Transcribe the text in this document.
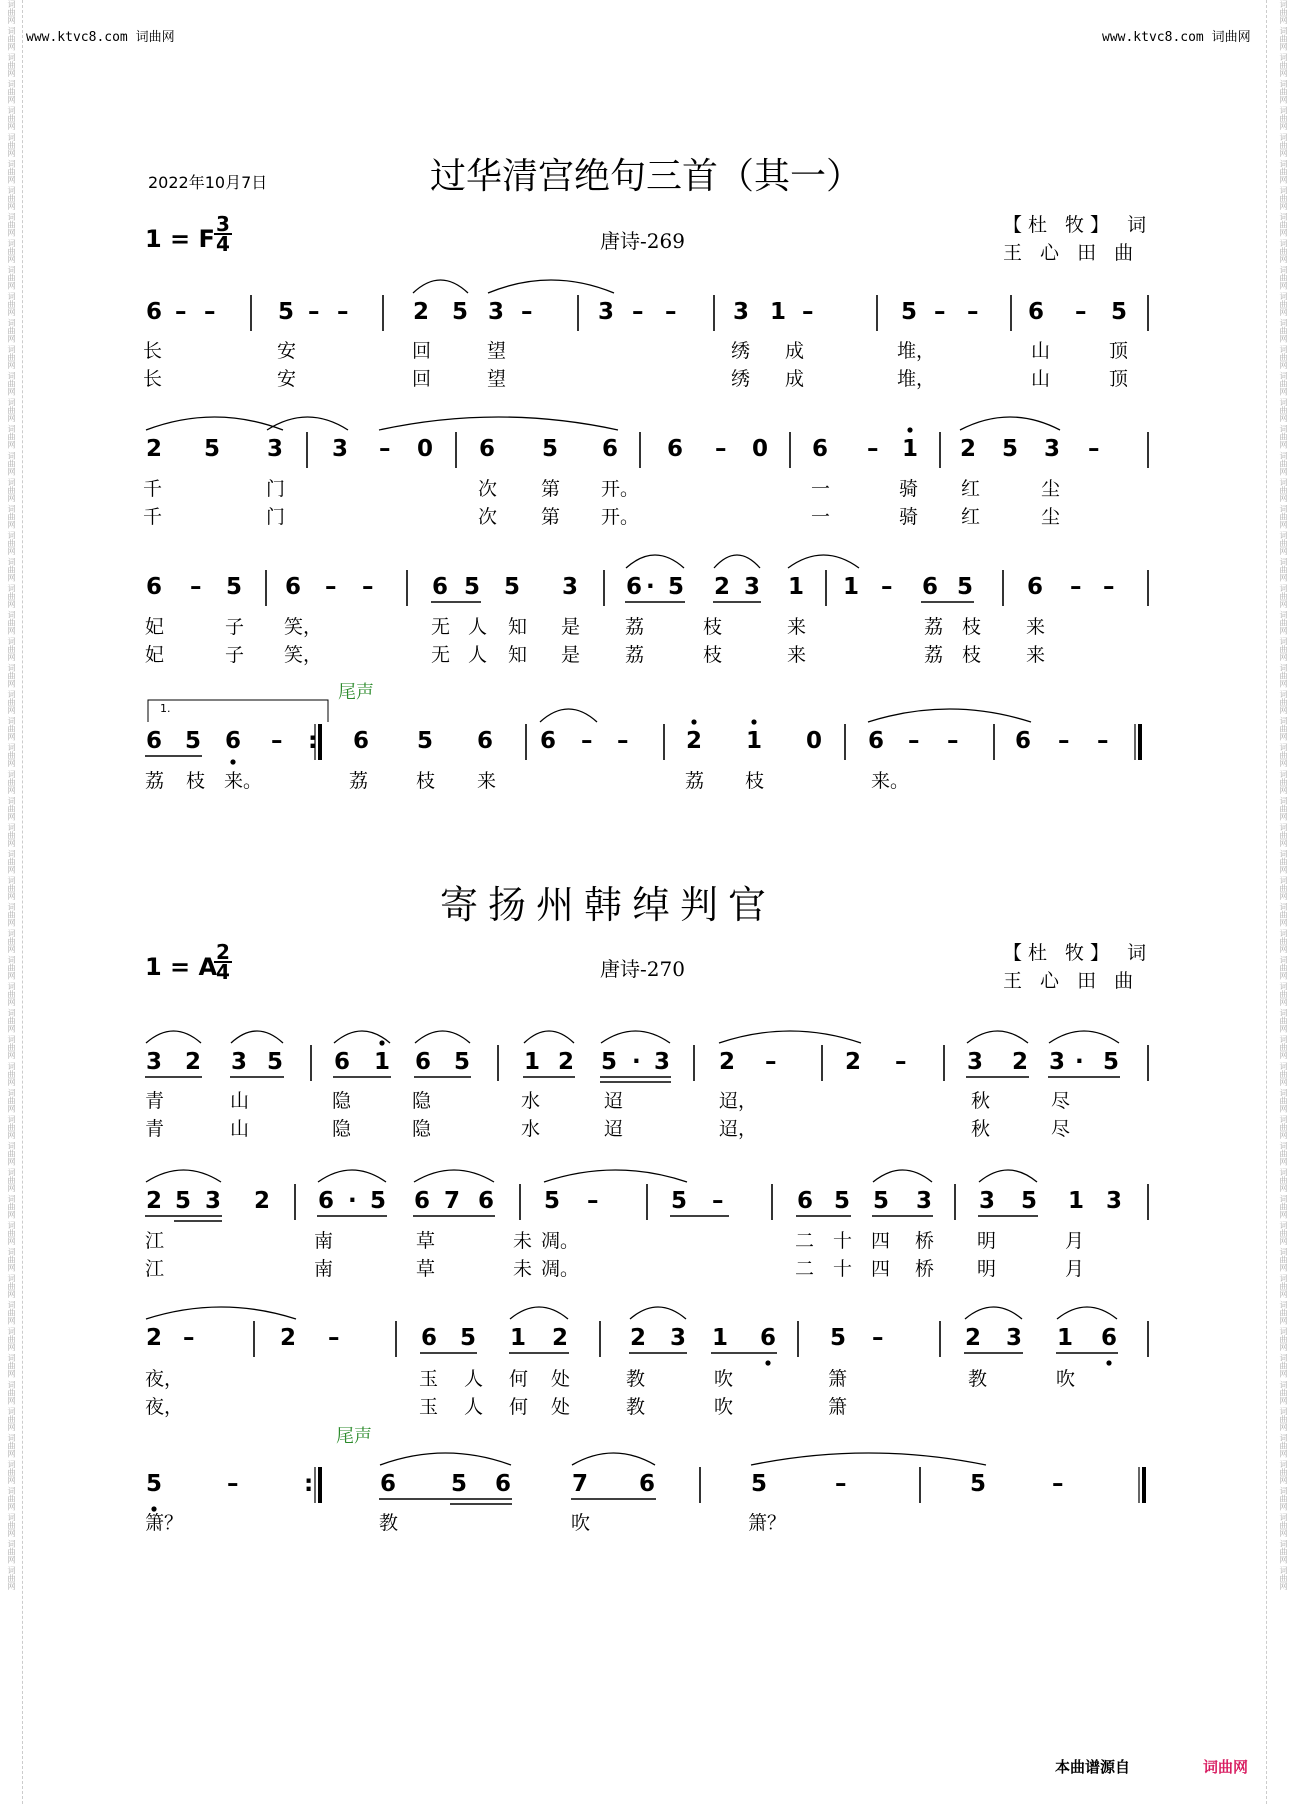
词曲网 词曲网 词曲网 词曲网 词曲网 词曲网 词曲网 词曲网 词曲网 词曲网 词曲网 词曲网 词曲网 词曲网 词曲网 词曲网 词曲网 词曲网 词曲网 词曲网 词曲网 词曲网 词曲网 词曲网 词曲网 词曲网 词曲网 词曲网 词曲网 词曲网 词曲网 词曲网 词曲网 词曲网 词曲网 词曲网 词曲网 词曲网 词曲网 词曲网 词曲网 词曲网 词曲网 词曲网 词曲网 词曲网 词曲网 词曲网 词曲网 词曲网 词曲网 词曲网 词曲网 词曲网 词曲网 词曲网 词曲网 词曲网 词曲网 词曲网	词曲网 词曲网 词曲网 词曲网 词曲网 词曲网 词曲网 词曲网 词曲网 词曲网 词曲网 词曲网 词曲网 词曲网 词曲网 词曲网 词曲网 词曲网 词曲网 词曲网 词曲网 词曲网 词曲网 词曲网 词曲网 词曲网 词曲网 词曲网 词曲网 词曲网 词曲网 词曲网 词曲网 词曲网 词曲网 词曲网 词曲网 词曲网 词曲网 词曲网 词曲网 词曲网 词曲网 词曲网 词曲网 词曲网 词曲网 词曲网 词曲网 词曲网 词曲网 词曲网 词曲网 词曲网 词曲网 词曲网 词曲网 词曲网 词曲网 词曲网
www.ktvc8.com 词曲网	www.ktvc8.com 词曲网
2022年10月7日	过华清宫绝句三首（其一）
1 = F
3
4	唐诗-269
【杜 牧】 词
王 心 田 曲
寄扬州韩绰判官
1 = A
2
4	唐诗-270
【杜 牧】 词
王 心 田 曲
本曲谱源自	词曲网
6 – –	5 – –	2 5 3 –	3 – – 3 1 –	5 – – 6 – 5
长	安	回	望	绣 成	堆，	山	顶
长	安	回	望	绣 成	堆，	山	顶
2 5 3 3 – 0 6 5 6 6 – 0 6 – 1 2 5 3 –
千	门	次 第 开。	一	骑 红	尘
千	门	次 第 开。	一	骑 红	尘
6 – 5 6 – –	6 5 5 3 6 · 5 2 3 1 1 – 6 5 6 – –
妃	子 笑，	无 人 知 是 荔	枝	来	荔 枝 来
妃	子 笑，	无 人 知 是 荔	枝	来	荔 枝 来
6 5 6 – : 6 5 6 6 – –	2 1 0 6 – – 6 – –
荔 枝 来。	荔	枝 来	荔 枝	来。
1.
尾声
3 2 3 5 6 1 6 5 1 2 5 · 3 2 –	2 –	3 2 3 · 5
青	山	隐	隐	水	迢	迢，	秋	尽
青	山	隐	隐	水	迢	迢，	秋	尽
2 5 3 2 6 · 5 6 7 6 5 –	5 –	6 5 5 3 3 5 1 3
江	南	草	未 凋。	二 十 四 桥 明	月
江	南	草	未 凋。	二 十 四 桥 明	月
2 –	2 –	6 5 1 2	2 3 1 6 5 –	2 3 1 6
夜，	玉 人 何 处	教	吹	箫	教	吹
夜，	玉 人 何 处	教	吹	箫
5	–	:	6 5 6	7 6	5	–	5	–
箫？	教	吹	箫？
尾声
